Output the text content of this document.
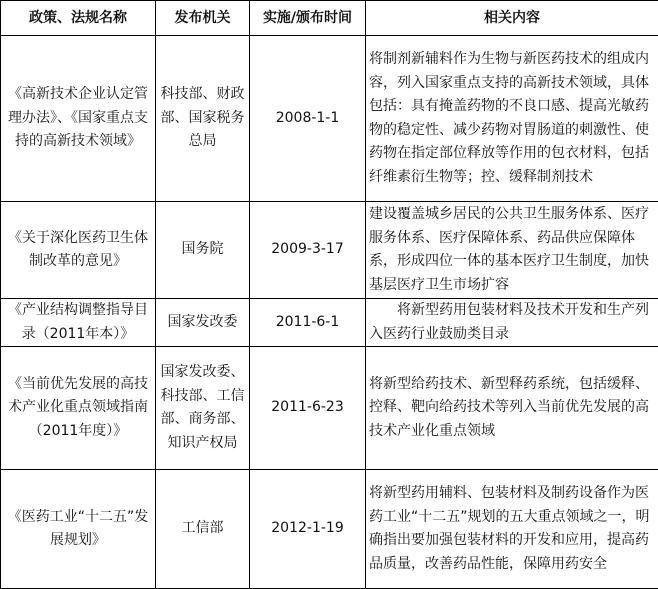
政策、法规名称	发布机关	实施/颁布时间	相关内容
《高新技术企业认定管理办法》、《国家重点支持的高新技术领域》	科技部、财政部、国家税务总局	2008-1-1	将制剂新辅料作为生物与新医药技术的组成内容，列入国家重点支持的高新技术领域，具体包括：具有掩盖药物的不良口感、提高光敏药物的稳定性、减少药物对胃肠道的刺激性、使药物在指定部位释放等作用的包衣材料，包括纤维素衍生物等；控、缓释制剂技术
《关于深化医药卫生体制改革的意见》	国务院	2009-3-17	建设覆盖城乡居民的公共卫生服务体系、医疗服务体系、医疗保障体系、药品供应保障体系，形成四位一体的基本医疗卫生制度，加快基层医疗卫生市场扩容
《产业结构调整指导目录（2011年本）》	国家发改委	2011-6-1	将新型药用包装材料及技术开发和生产列入医药行业鼓励类目录
《当前优先发展的高技术产业化重点领域指南（2011年度）》	国家发改委、科技部、工信部、商务部、知识产权局	2011-6-23	将新型给药技术、新型释药系统，包括缓释、控释、靶向给药技术等列入当前优先发展的高技术产业化重点领域
《医药工业“十二五”发展规划》	工信部	2012-1-19	将新型药用辅料、包装材料及制药设备作为医药工业“十二五”规划的五大重点领域之一，明确指出要加强包装材料的开发和应用，提高药品质量，改善药品性能，保障用药安全
